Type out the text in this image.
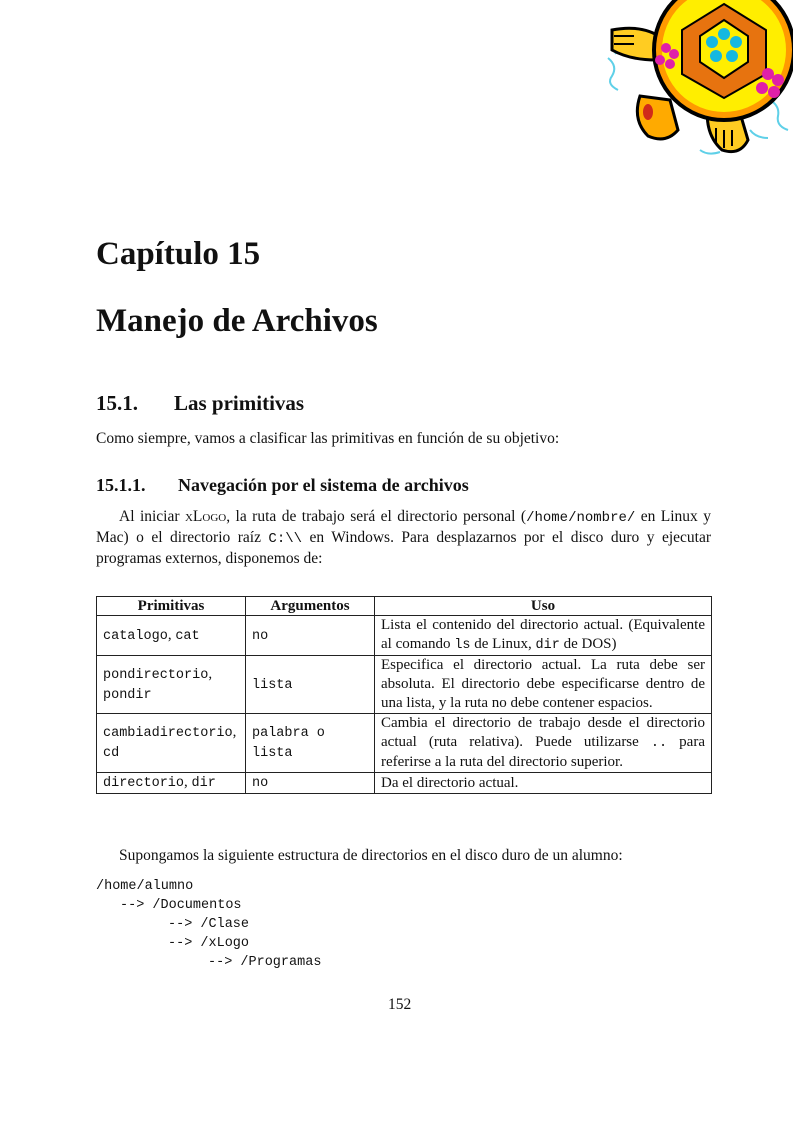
Capítulo 15
Manejo de Archivos
15.1. Las primitivas

Como siempre, vamos a clasificar las primitivas en función de su objetivo:

15.1.1. Navegación por el sistema de archivos

Al iniciar xLogo, la ruta de trabajo será el directorio personal (/home/nombre/ en Linux y Mac) o el directorio raíz C:\\ en Windows. Para desplazarnos por el disco duro y ejecutar programas externos, disponemos de:

Primitivas	Argumentos	Uso
catalogo, cat	no	Lista el contenido del directorio actual. (Equivalente al comando ls de Linux, dir de DOS)
pondirectorio, pondir	lista	Especifica el directorio actual. La ruta debe ser absoluta. El directorio debe especificarse dentro de una lista, y la ruta no debe contener espacios.
cambiadirectorio, cd	palabra o lista	Cambia el directorio de trabajo desde el directorio actual (ruta relativa). Puede utilizarse .. para referirse a la ruta del directorio superior.
directorio, dir	no	Da el directorio actual.

Supongamos la siguiente estructura de directorios en el disco duro de un alumno:

/home/alumno
--> /Documentos
--> /Clase
--> /xLogo
--> /Programas

152
